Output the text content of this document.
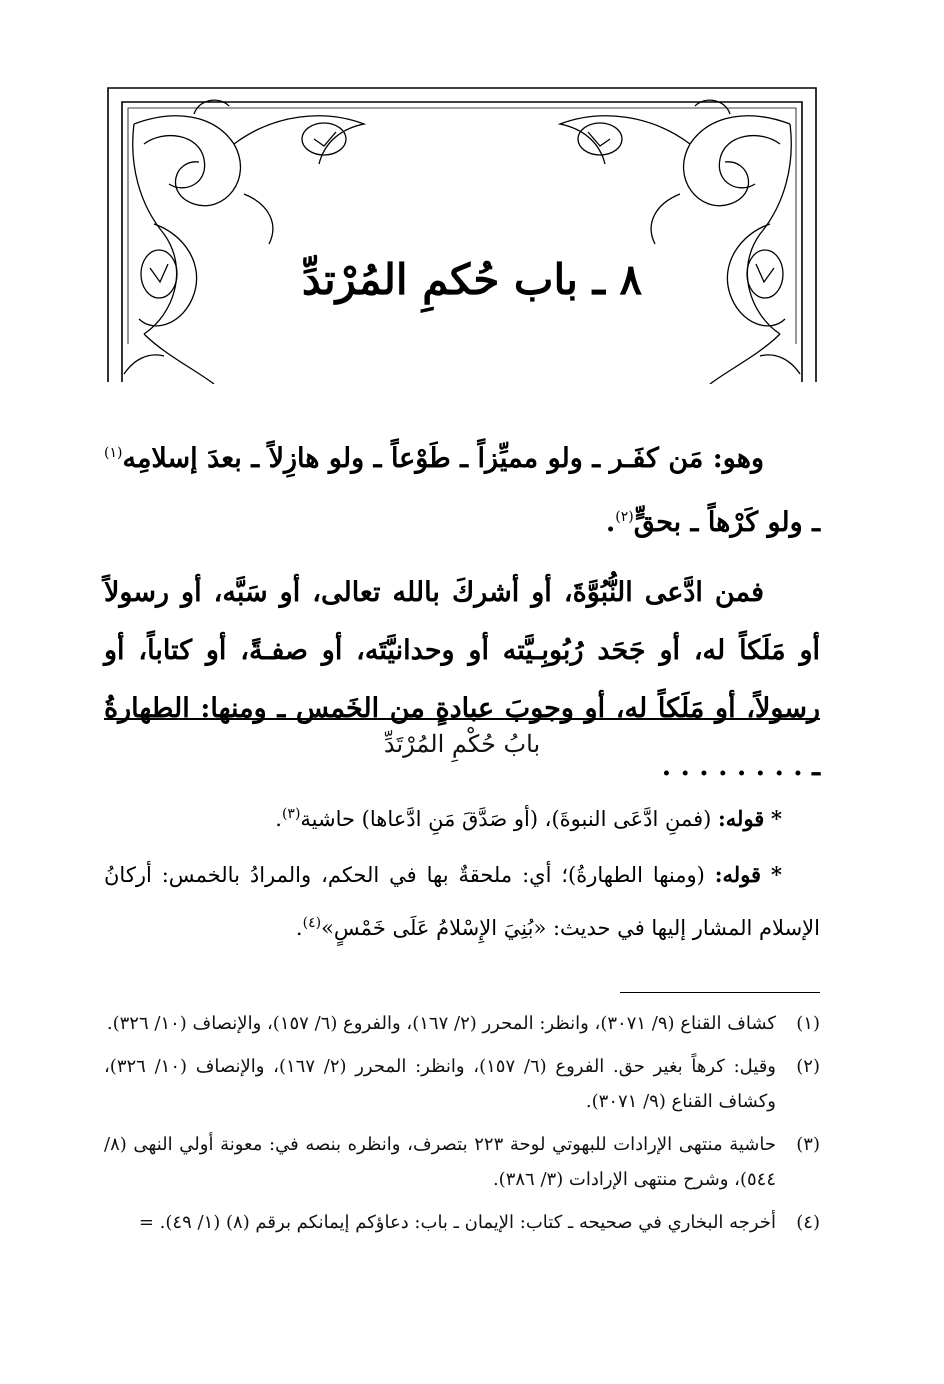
٨ ـ باب حُكمِ المُرْتدِّ

وهو: مَن كفَـر ـ ولو مميِّزاً ـ طَوْعاً ـ ولو هازِلاً ـ بعدَ إسلامِه$^{(١)}$ ـ ولو كَرْهاً ـ بحقٍّ$^{(٢)}$.

فمن ادَّعى النُّبُوَّةَ، أو أشركَ بالله تعالى، أو سَبَّه، أو رسولاً أو مَلَكاً له، أو جَحَد رُبُوبِـيَّته أو وحدانيَّتَه، أو صفـةً، أو كتاباً، أو رسولاً، أو مَلَكاً له، أو وجوبَ عبادةٍ من الخَمس ـ ومنها: الطهارةُ ـ . . . . . . . .

بابُ حُكْمِ المُرْتَدِّ

* قوله: (فمنِ ادَّعَى النبوةَ)، (أو صَدَّقَ مَنِ ادَّعاها) حاشية$^{(٣)}$.

* قوله: (ومنها الطهارةُ)؛ أي: ملحقةٌ بها في الحكم، والمرادُ بالخمس: أركانُ الإسلام المشار إليها في حديث: «بُنِيَ الإِسْلامُ عَلَى خَمْسٍ»$^{(٤)}$.

(١)
كشاف القناع (٩/ ٣٠٧١)، وانظر: المحرر (٢/ ١٦٧)، والفروع (٦/ ١٥٧)، والإنصاف (١٠/ ٣٢٦).
(٢)
وقيل: كرهاً بغير حق. الفروع (٦/ ١٥٧)، وانظر: المحرر (٢/ ١٦٧)، والإنصاف (١٠/ ٣٢٦)، وكشاف القناع (٩/ ٣٠٧١).
(٣)
حاشية منتهى الإرادات للبهوتي لوحة ٢٢٣ بتصرف، وانظره بنصه في: معونة أولي النهى (٨/ ٥٤٤)، وشرح منتهى الإرادات (٣/ ٣٨٦).
(٤)
أخرجه البخاري في صحيحه ـ كتاب: الإيمان ـ باب: دعاؤكم إيمانكم برقم (٨) (١/ ٤٩). =
